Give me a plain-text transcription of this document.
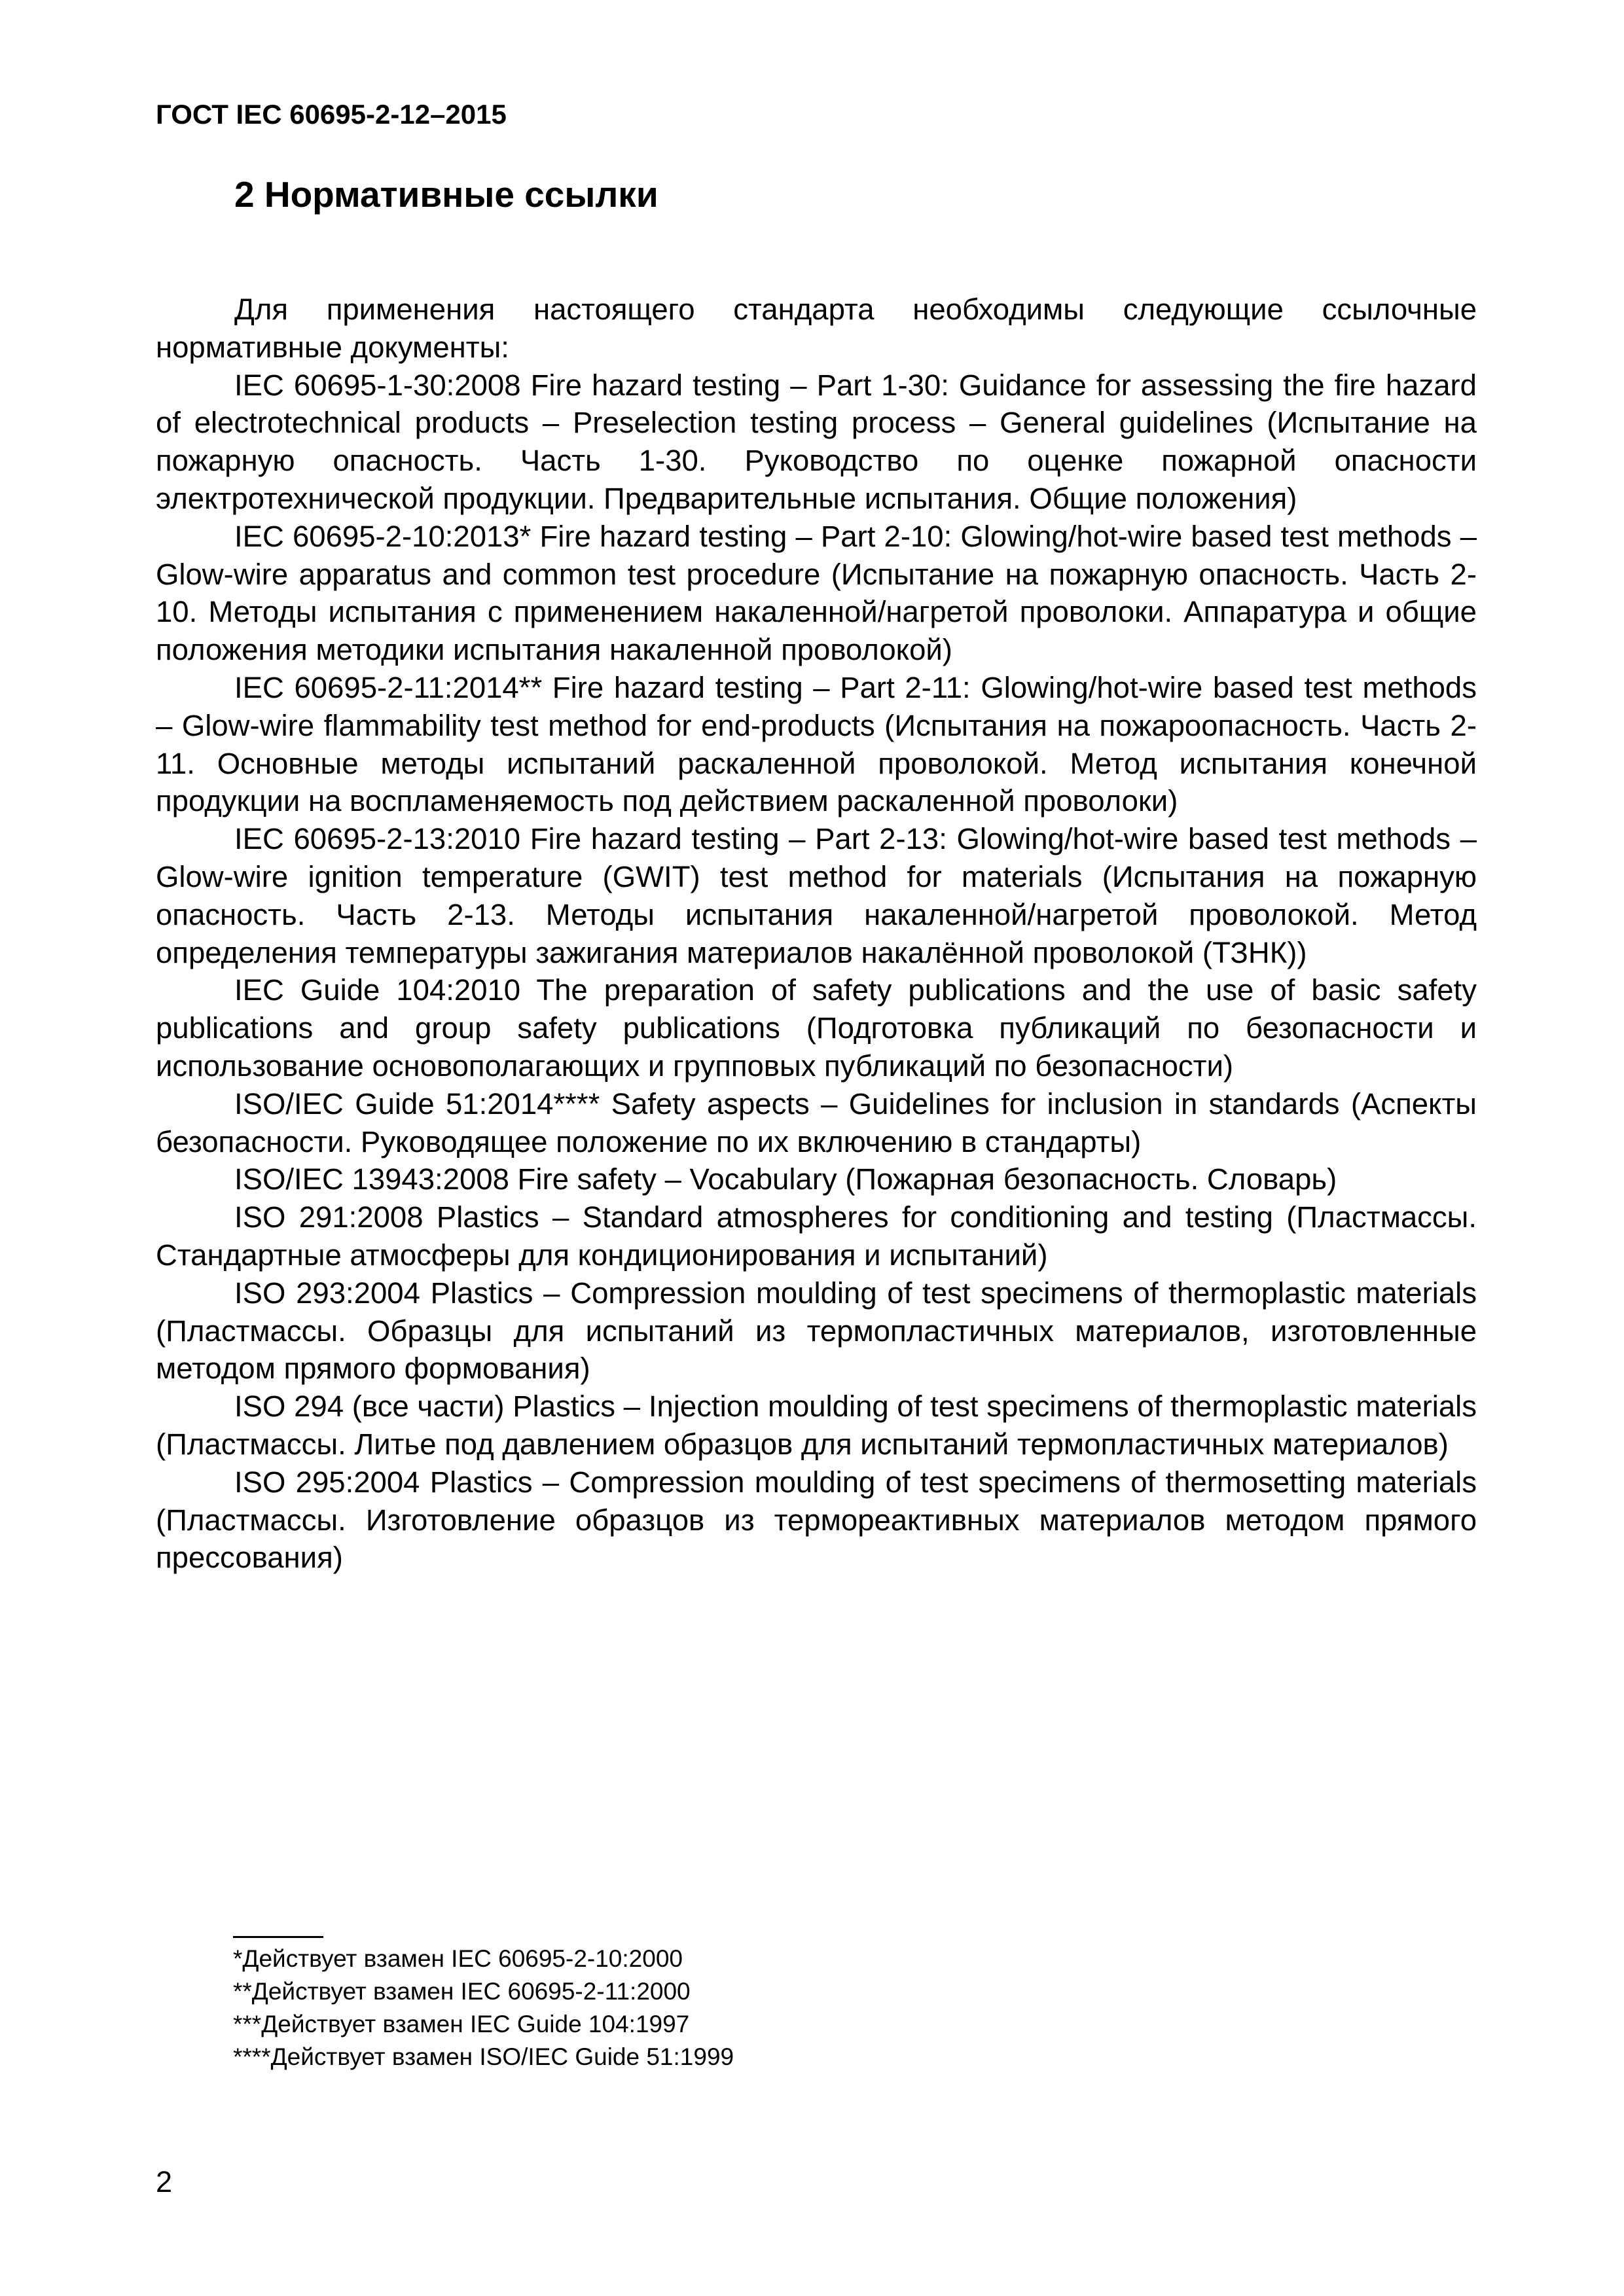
ГОСТ IEC 60695-2-12–2015
2 Нормативные ссылки

Для применения настоящего стандарта необходимы следующие ссылочные нормативные документы:

IEC 60695-1-30:2008 Fire hazard testing – Part 1-30: Guidance for assessing the fire hazard of electrotechnical products – Preselection testing process – General guidelines (Испытание на пожарную опасность. Часть 1-30. Руководство по оценке пожарной опасности электротехнической продукции. Предварительные испытания. Общие положения)

IEC 60695-2-10:2013* Fire hazard testing – Part 2-10: Glowing/hot-wire based test methods – Glow-wire apparatus and common test procedure (Испытание на пожарную опасность. Часть 2-10. Методы испытания с применением накаленной/нагретой проволоки. Аппаратура и общие положения методики испытания накаленной проволокой)

IEC 60695-2-11:2014** Fire hazard testing – Part 2-11: Glowing/hot-wire based test methods – Glow-wire flammability test method for end-products (Испытания на пожароопасность. Часть 2-11. Основные методы испытаний раскаленной проволокой. Метод испытания конечной продукции на воспламеняемость под действием раскаленной проволоки)

IEC 60695-2-13:2010 Fire hazard testing – Part 2-13: Glowing/hot-wire based test methods – Glow-wire ignition temperature (GWIT) test method for materials (Испытания на пожарную опасность. Часть 2-13. Методы испытания накаленной/нагретой проволокой. Метод определения температуры зажигания материалов накалённой проволокой (ТЗНК))

IEC Guide 104:2010 The preparation of safety publications and the use of basic safety publications and group safety publications (Подготовка публикаций по безопасности и использование основополагающих и групповых публикаций по безопасности)

ISO/IEC Guide 51:2014**** Safety aspects – Guidelines for inclusion in standards (Аспекты безопасности. Руководящее положение по их включению в стандарты)

ISO/IEC 13943:2008 Fire safety – Vocabulary (Пожарная безопасность. Словарь)

ISO 291:2008 Plastics – Standard atmospheres for conditioning and testing (Пластмассы. Стандартные атмосферы для кондиционирования и испытаний)

ISO 293:2004 Plastics – Compression moulding of test specimens of thermoplastic materials (Пластмассы. Образцы для испытаний из термопластичных материалов, изготовленные методом прямого формования)

ISO 294 (все части) Plastics – Injection moulding of test specimens of thermoplastic materials (Пластмассы. Литье под давлением образцов для испытаний термопластичных материалов)

ISO 295:2004 Plastics – Compression moulding of test specimens of thermosetting materials (Пластмассы. Изготовление образцов из термореактивных материалов методом прямого прессования)

*Действует взамен IEC 60695-2-10:2000
**Действует взамен IEC 60695-2-11:2000
***Действует взамен IEC Guide 104:1997
****Действует взамен ISO/IEC Guide 51:1999
2
